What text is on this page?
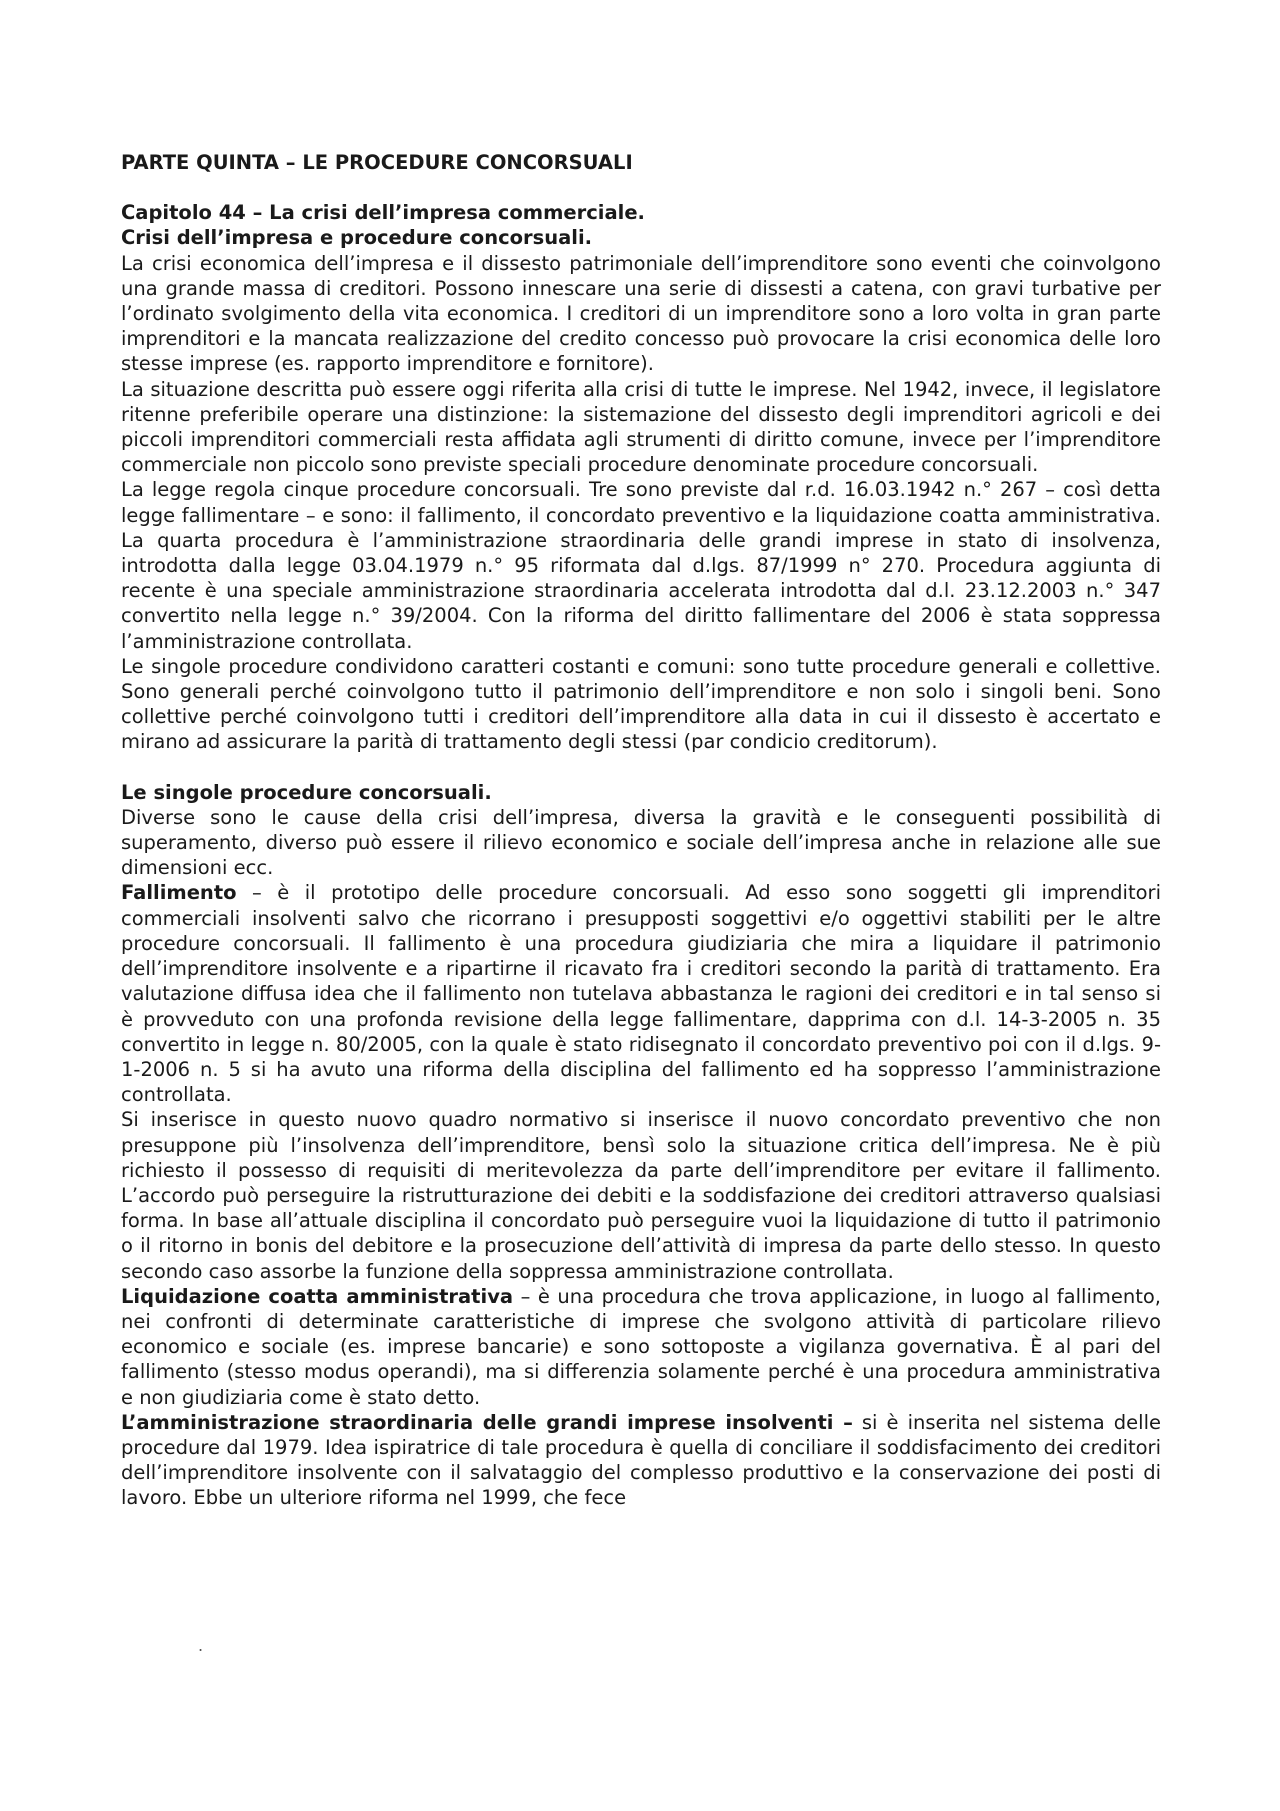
PARTE QUINTA – LE PROCEDURE CONCORSUALI
Capitolo 44 – La crisi dell’impresa commerciale.
Crisi dell’impresa e procedure concorsuali.

La crisi economica dell’impresa e il dissesto patrimoniale dell’imprenditore sono eventi che coinvolgono una grande massa di creditori. Possono innescare una serie di dissesti a catena, con gravi turbative per l’ordinato svolgimento della vita economica. I creditori di un imprenditore sono a loro volta in gran parte imprenditori e la mancata realizzazione del credito concesso può provocare la crisi economica delle loro stesse imprese (es. rapporto imprenditore e fornitore).

La situazione descritta può essere oggi riferita alla crisi di tutte le imprese. Nel 1942, invece, il legislatore ritenne preferibile operare una distinzione: la sistemazione del dissesto degli imprenditori agricoli e dei piccoli imprenditori commerciali resta affidata agli strumenti di diritto comune, invece per l’imprenditore commerciale non piccolo sono previste speciali procedure denominate procedure concorsuali.

La legge regola cinque procedure concorsuali. Tre sono previste dal r.d. 16.03.1942 n.° 267 – così detta legge fallimentare – e sono: il fallimento, il concordato preventivo e la liquidazione coatta amministrativa. La quarta procedura è l’amministrazione straordinaria delle grandi imprese in stato di insolvenza, introdotta dalla legge 03.04.1979 n.° 95 riformata dal d.lgs. 87/1999 n° 270. Procedura aggiunta di recente è una speciale amministrazione straordinaria accelerata introdotta dal d.l. 23.12.2003 n.° 347 convertito nella legge n.° 39/2004. Con la riforma del diritto fallimentare del 2006 è stata soppressa l’amministrazione controllata.

Le singole procedure condividono caratteri costanti e comuni: sono tutte procedure generali e collettive. Sono generali perché coinvolgono tutto il patrimonio dell’imprenditore e non solo i singoli beni. Sono collettive perché coinvolgono tutti i creditori dell’imprenditore alla data in cui il dissesto è accertato e mirano ad assicurare la parità di trattamento degli stessi (par condicio creditorum).

Le singole procedure concorsuali.

Diverse sono le cause della crisi dell’impresa, diversa la gravità e le conseguenti possibilità di superamento, diverso può essere il rilievo economico e sociale dell’impresa anche in relazione alle sue dimensioni ecc.

Fallimento – è il prototipo delle procedure concorsuali. Ad esso sono soggetti gli imprenditori commerciali insolventi salvo che ricorrano i presupposti soggettivi e/o oggettivi stabiliti per le altre procedure concorsuali. Il fallimento è una procedura giudiziaria che mira a liquidare il patrimonio dell’imprenditore insolvente e a ripartirne il ricavato fra i creditori secondo la parità di trattamento. Era valutazione diffusa idea che il fallimento non tutelava abbastanza le ragioni dei creditori e in tal senso si è provveduto con una profonda revisione della legge fallimentare, dapprima con d.l. 14-3-2005 n. 35 convertito in legge n. 80/2005, con la quale è stato ridisegnato il concordato preventivo poi con il d.lgs. 9-1-2006 n. 5 si ha avuto una riforma della disciplina del fallimento ed ha soppresso l’amministrazione controllata.

Si inserisce in questo nuovo quadro normativo si inserisce il nuovo concordato preventivo che non presuppone più l’insolvenza dell’imprenditore, bensì solo la situazione critica dell’impresa. Ne è più richiesto il possesso di requisiti di meritevolezza da parte dell’imprenditore per evitare il fallimento. L’accordo può perseguire la ristrutturazione dei debiti e la soddisfazione dei creditori attraverso qualsiasi forma. In base all’attuale disciplina il concordato può perseguire vuoi la liquidazione di tutto il patrimonio o il ritorno in bonis del debitore e la prosecuzione dell’attività di impresa da parte dello stesso. In questo secondo caso assorbe la funzione della soppressa amministrazione controllata.

Liquidazione coatta amministrativa – è una procedura che trova applicazione, in luogo al fallimento, nei confronti di determinate caratteristiche di imprese che svolgono attività di particolare rilievo economico e sociale (es. imprese bancarie) e sono sottoposte a vigilanza governativa. È al pari del fallimento (stesso modus operandi), ma si differenzia solamente perché è una procedura amministrativa e non giudiziaria come è stato detto.

L’amministrazione straordinaria delle grandi imprese insolventi – si è inserita nel sistema delle procedure dal 1979. Idea ispiratrice di tale procedura è quella di conciliare il soddisfacimento dei creditori dell’imprenditore insolvente con il salvataggio del complesso produttivo e la conservazione dei posti di lavoro. Ebbe un ulteriore riforma nel 1999, che fece

.
